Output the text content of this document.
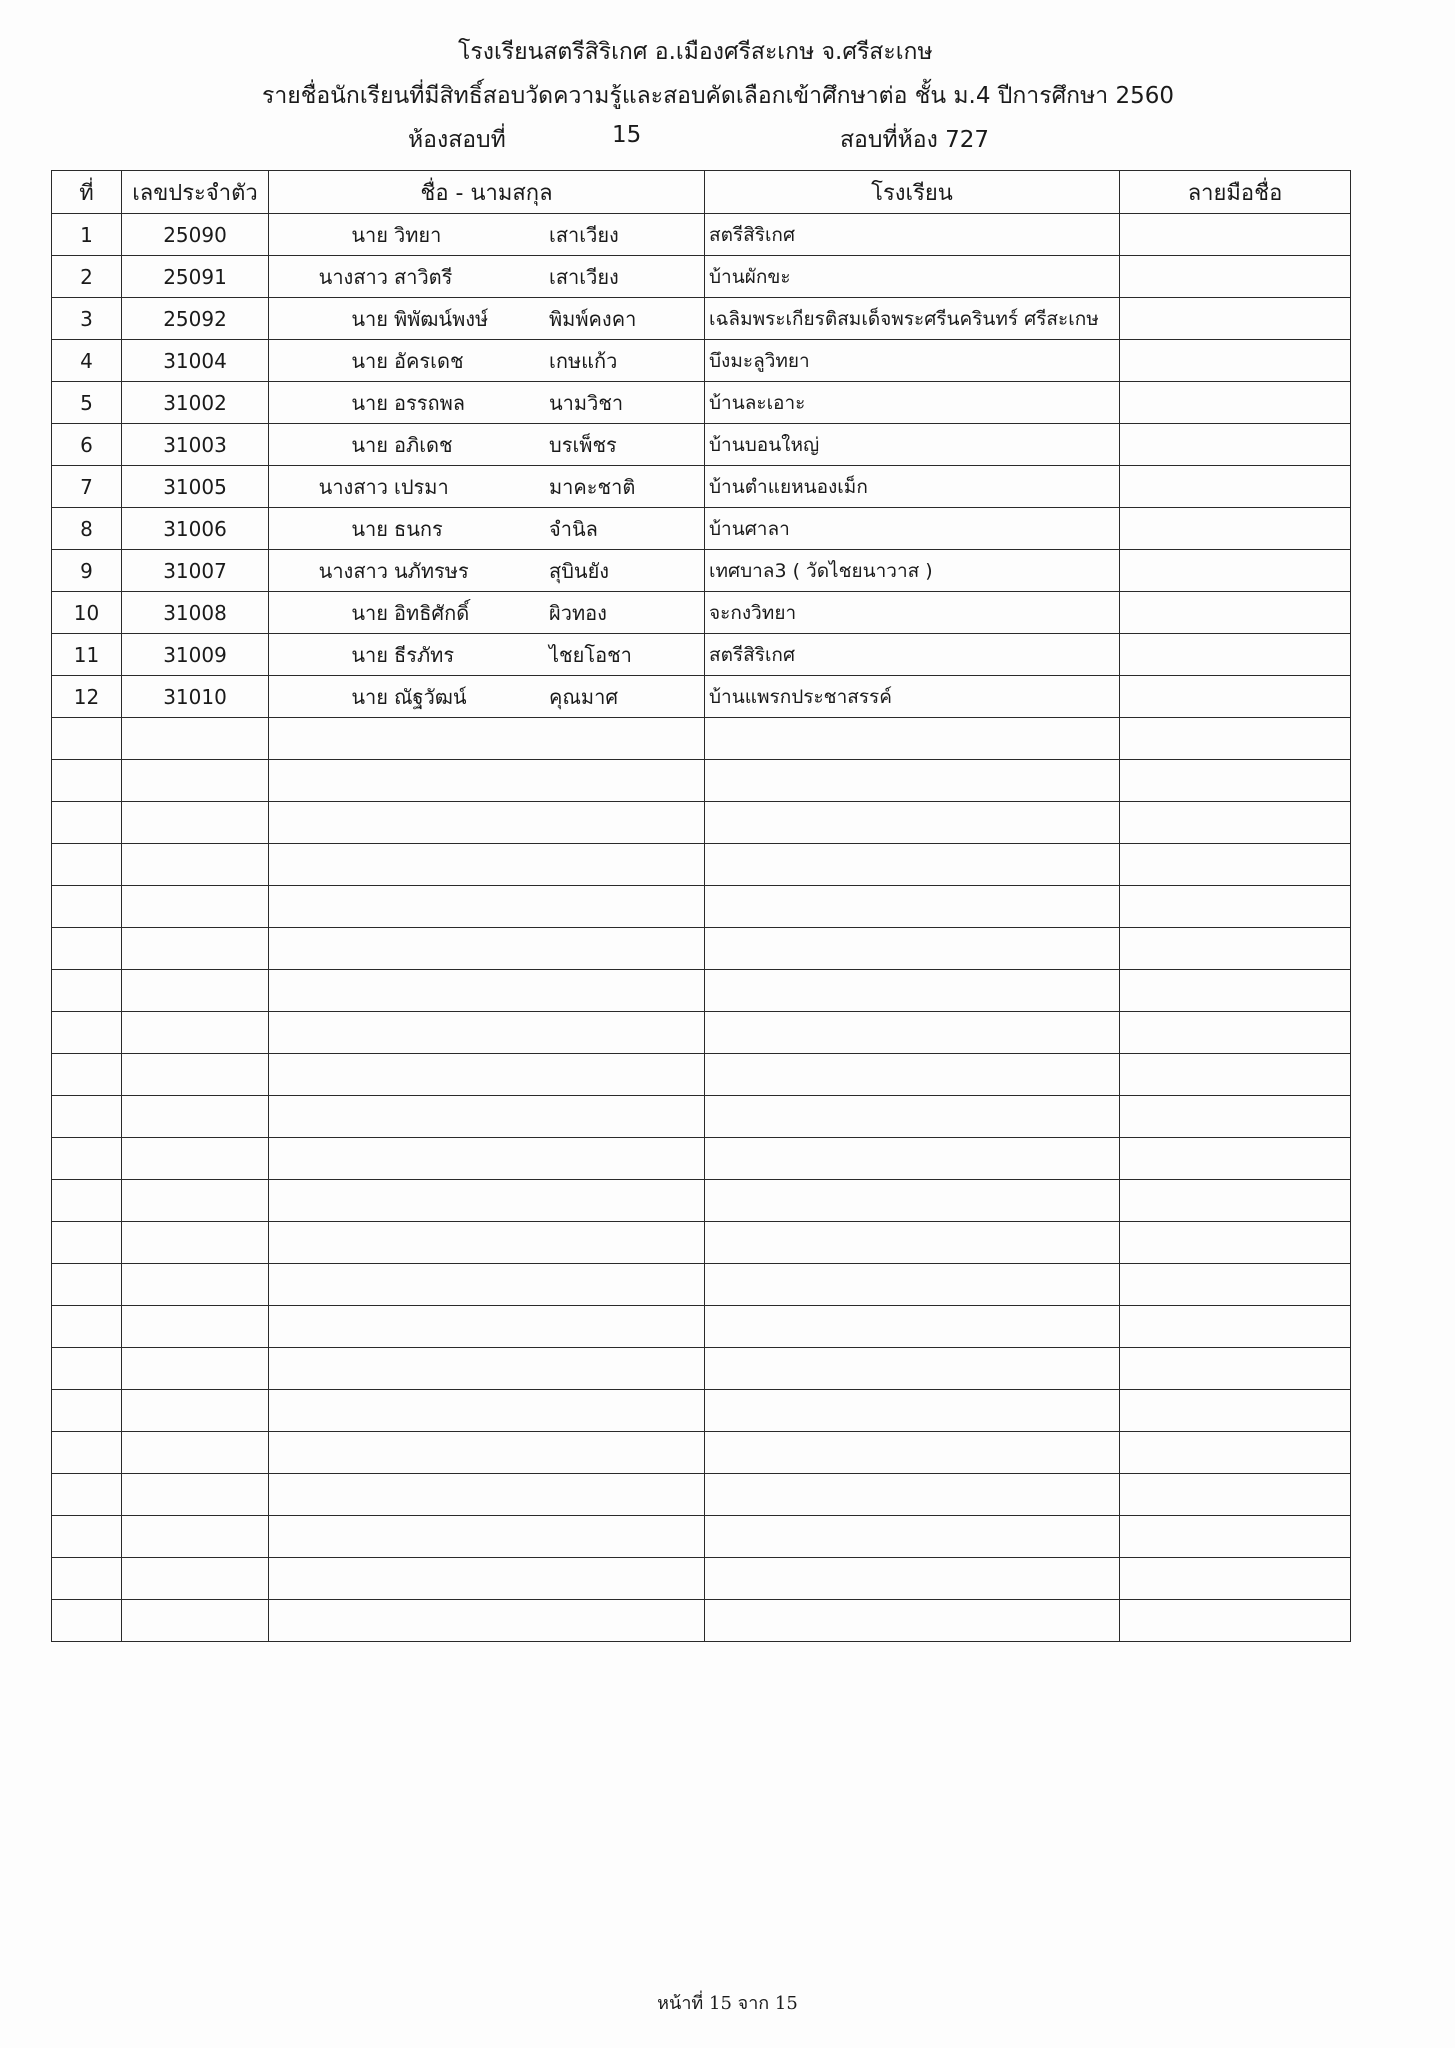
โรงเรียนสตรีสิริเกศ อ.เมืองศรีสะเกษ จ.ศรีสะเกษ
รายชื่อนักเรียนที่มีสิทธิ์สอบวัดความรู้และสอบคัดเลือกเข้าศึกษาต่อ ชั้น ม.4 ปีการศึกษา 2560
ห้องสอบที่	15	สอบที่ห้อง 727
ที่	เลขประจำตัว	ชื่อ - นามสกุล	โรงเรียน	ลายมือชื่อ
1	25090	นาย วิทยา เสาเวียง	สตรีสิริเกศ	
2	25091	นางสาว สาวิตรี เสาเวียง	บ้านผักขะ	
3	25092	นาย พิพัฒน์พงษ์ พิมพ์คงคา	เฉลิมพระเกียรติสมเด็จพระศรีนครินทร์ ศรีสะเกษ	
4	31004	นาย อัครเดช เกษแก้ว	บึงมะลูวิทยา	
5	31002	นาย อรรถพล นามวิชา	บ้านละเอาะ	
6	31003	นาย อภิเดช บรเพ็ชร	บ้านบอนใหญ่	
7	31005	นางสาว เปรมา มาคะชาติ	บ้านตำแยหนองเม็ก	
8	31006	นาย ธนกร จำนิล	บ้านศาลา	
9	31007	นางสาว นภัทรษร สุบินยัง	เทศบาล3 ( วัดไชยนาวาส )	
10	31008	นาย อิทธิศักดิ์ ผิวทอง	จะกงวิทยา	
11	31009	นาย ธีรภัทร ไชยโอชา	สตรีสิริเกศ	
12	31010	นาย ณัฐวัฒน์ คุณมาศ	บ้านแพรกประชาสรรค์	

หน้าที่ 15 จาก 15
